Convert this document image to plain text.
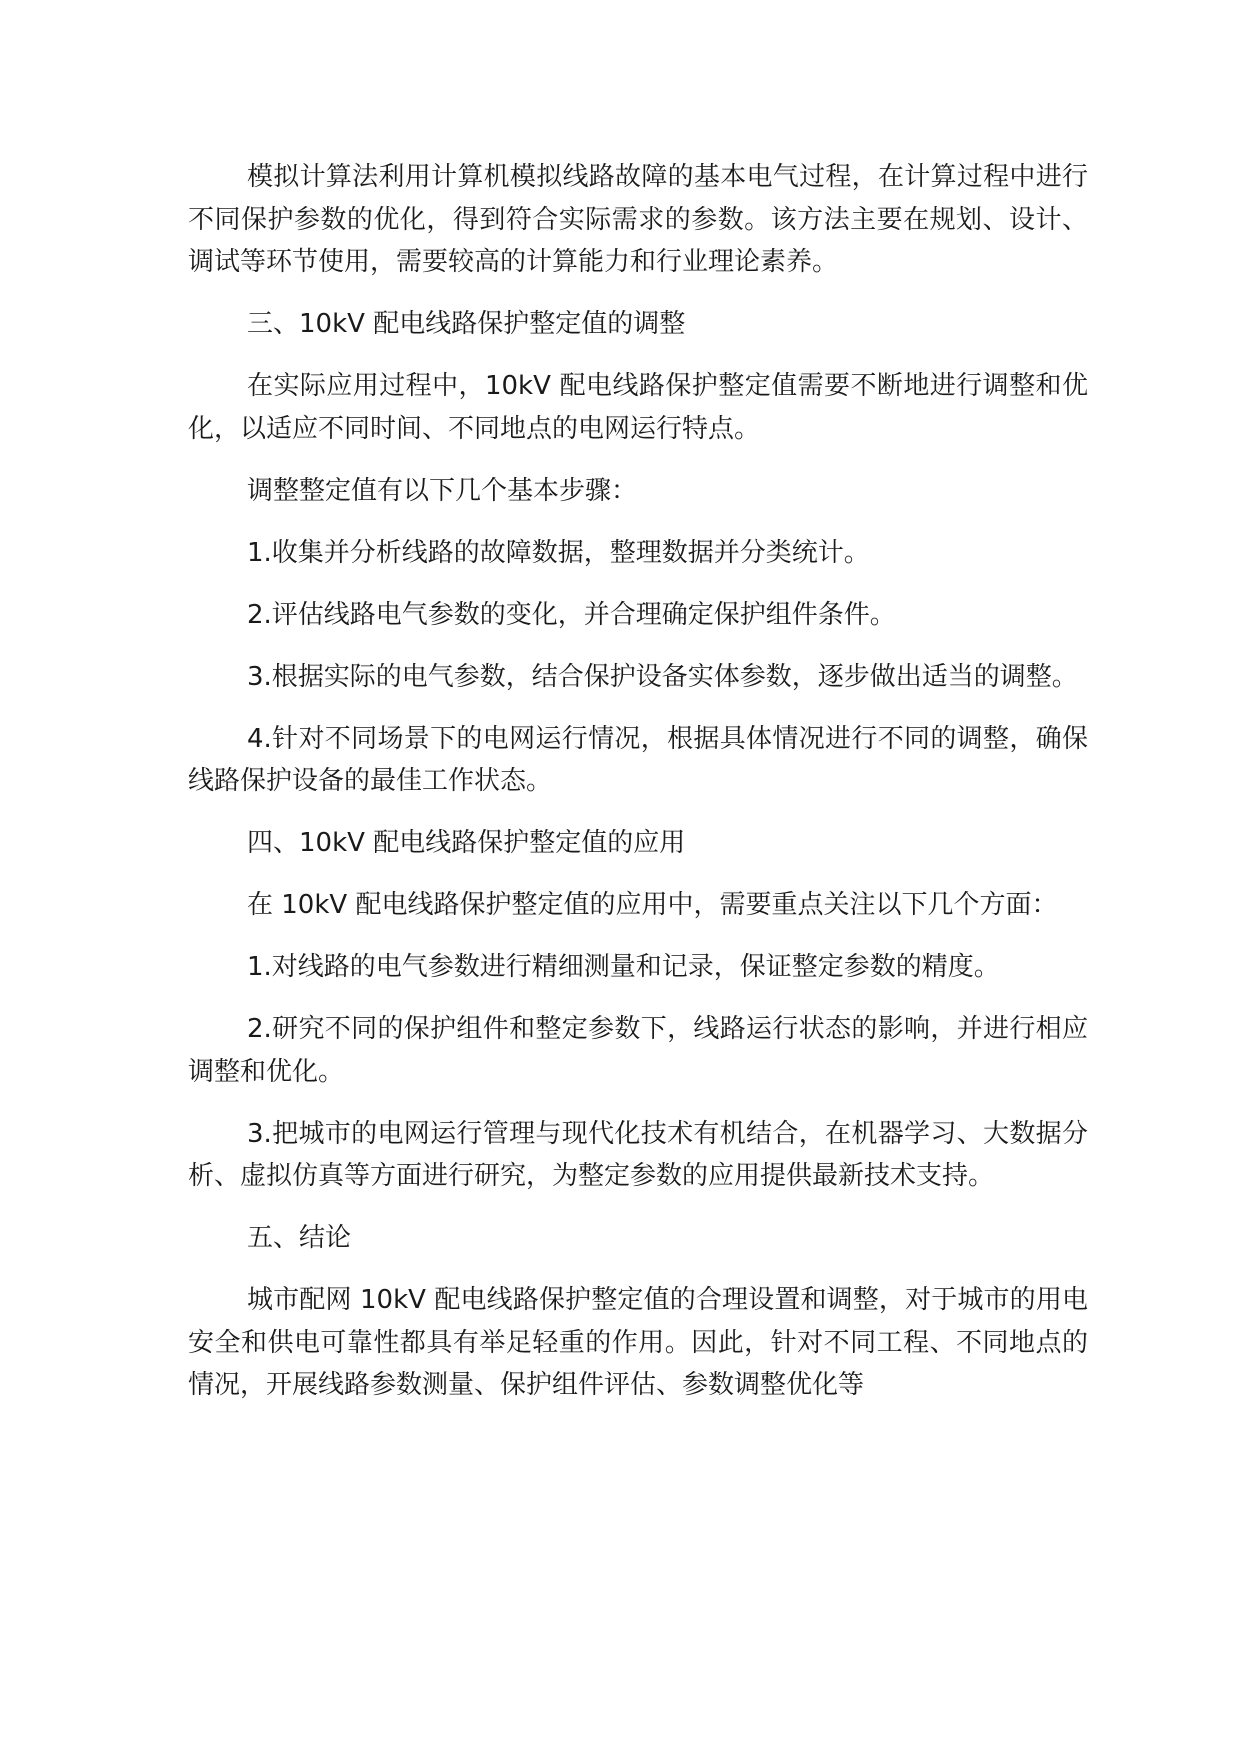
模拟计算法利用计算机模拟线路故障的基本电气过程，在计算过程中进行不同保护参数的优化，得到符合实际需求的参数。该方法主要在规划、设计、调试等环节使用，需要较高的计算能力和行业理论素养。

三、10kV 配电线路保护整定值的调整

在实际应用过程中，10kV 配电线路保护整定值需要不断地进行调整和优化，以适应不同时间、不同地点的电网运行特点。

调整整定值有以下几个基本步骤：

1.收集并分析线路的故障数据，整理数据并分类统计。

2.评估线路电气参数的变化，并合理确定保护组件条件。

3.根据实际的电气参数，结合保护设备实体参数，逐步做出适当的调整。

4.针对不同场景下的电网运行情况，根据具体情况进行不同的调整，确保线路保护设备的最佳工作状态。

四、10kV 配电线路保护整定值的应用

在 10kV 配电线路保护整定值的应用中，需要重点关注以下几个方面：

1.对线路的电气参数进行精细测量和记录，保证整定参数的精度。

2.研究不同的保护组件和整定参数下，线路运行状态的影响，并进行相应调整和优化。

3.把城市的电网运行管理与现代化技术有机结合，在机器学习、大数据分析、虚拟仿真等方面进行研究，为整定参数的应用提供最新技术支持。

五、结论

城市配网 10kV 配电线路保护整定值的合理设置和调整，对于城市的用电安全和供电可靠性都具有举足轻重的作用。因此，针对不同工程、不同地点的情况，开展线路参数测量、保护组件评估、参数调整优化等
